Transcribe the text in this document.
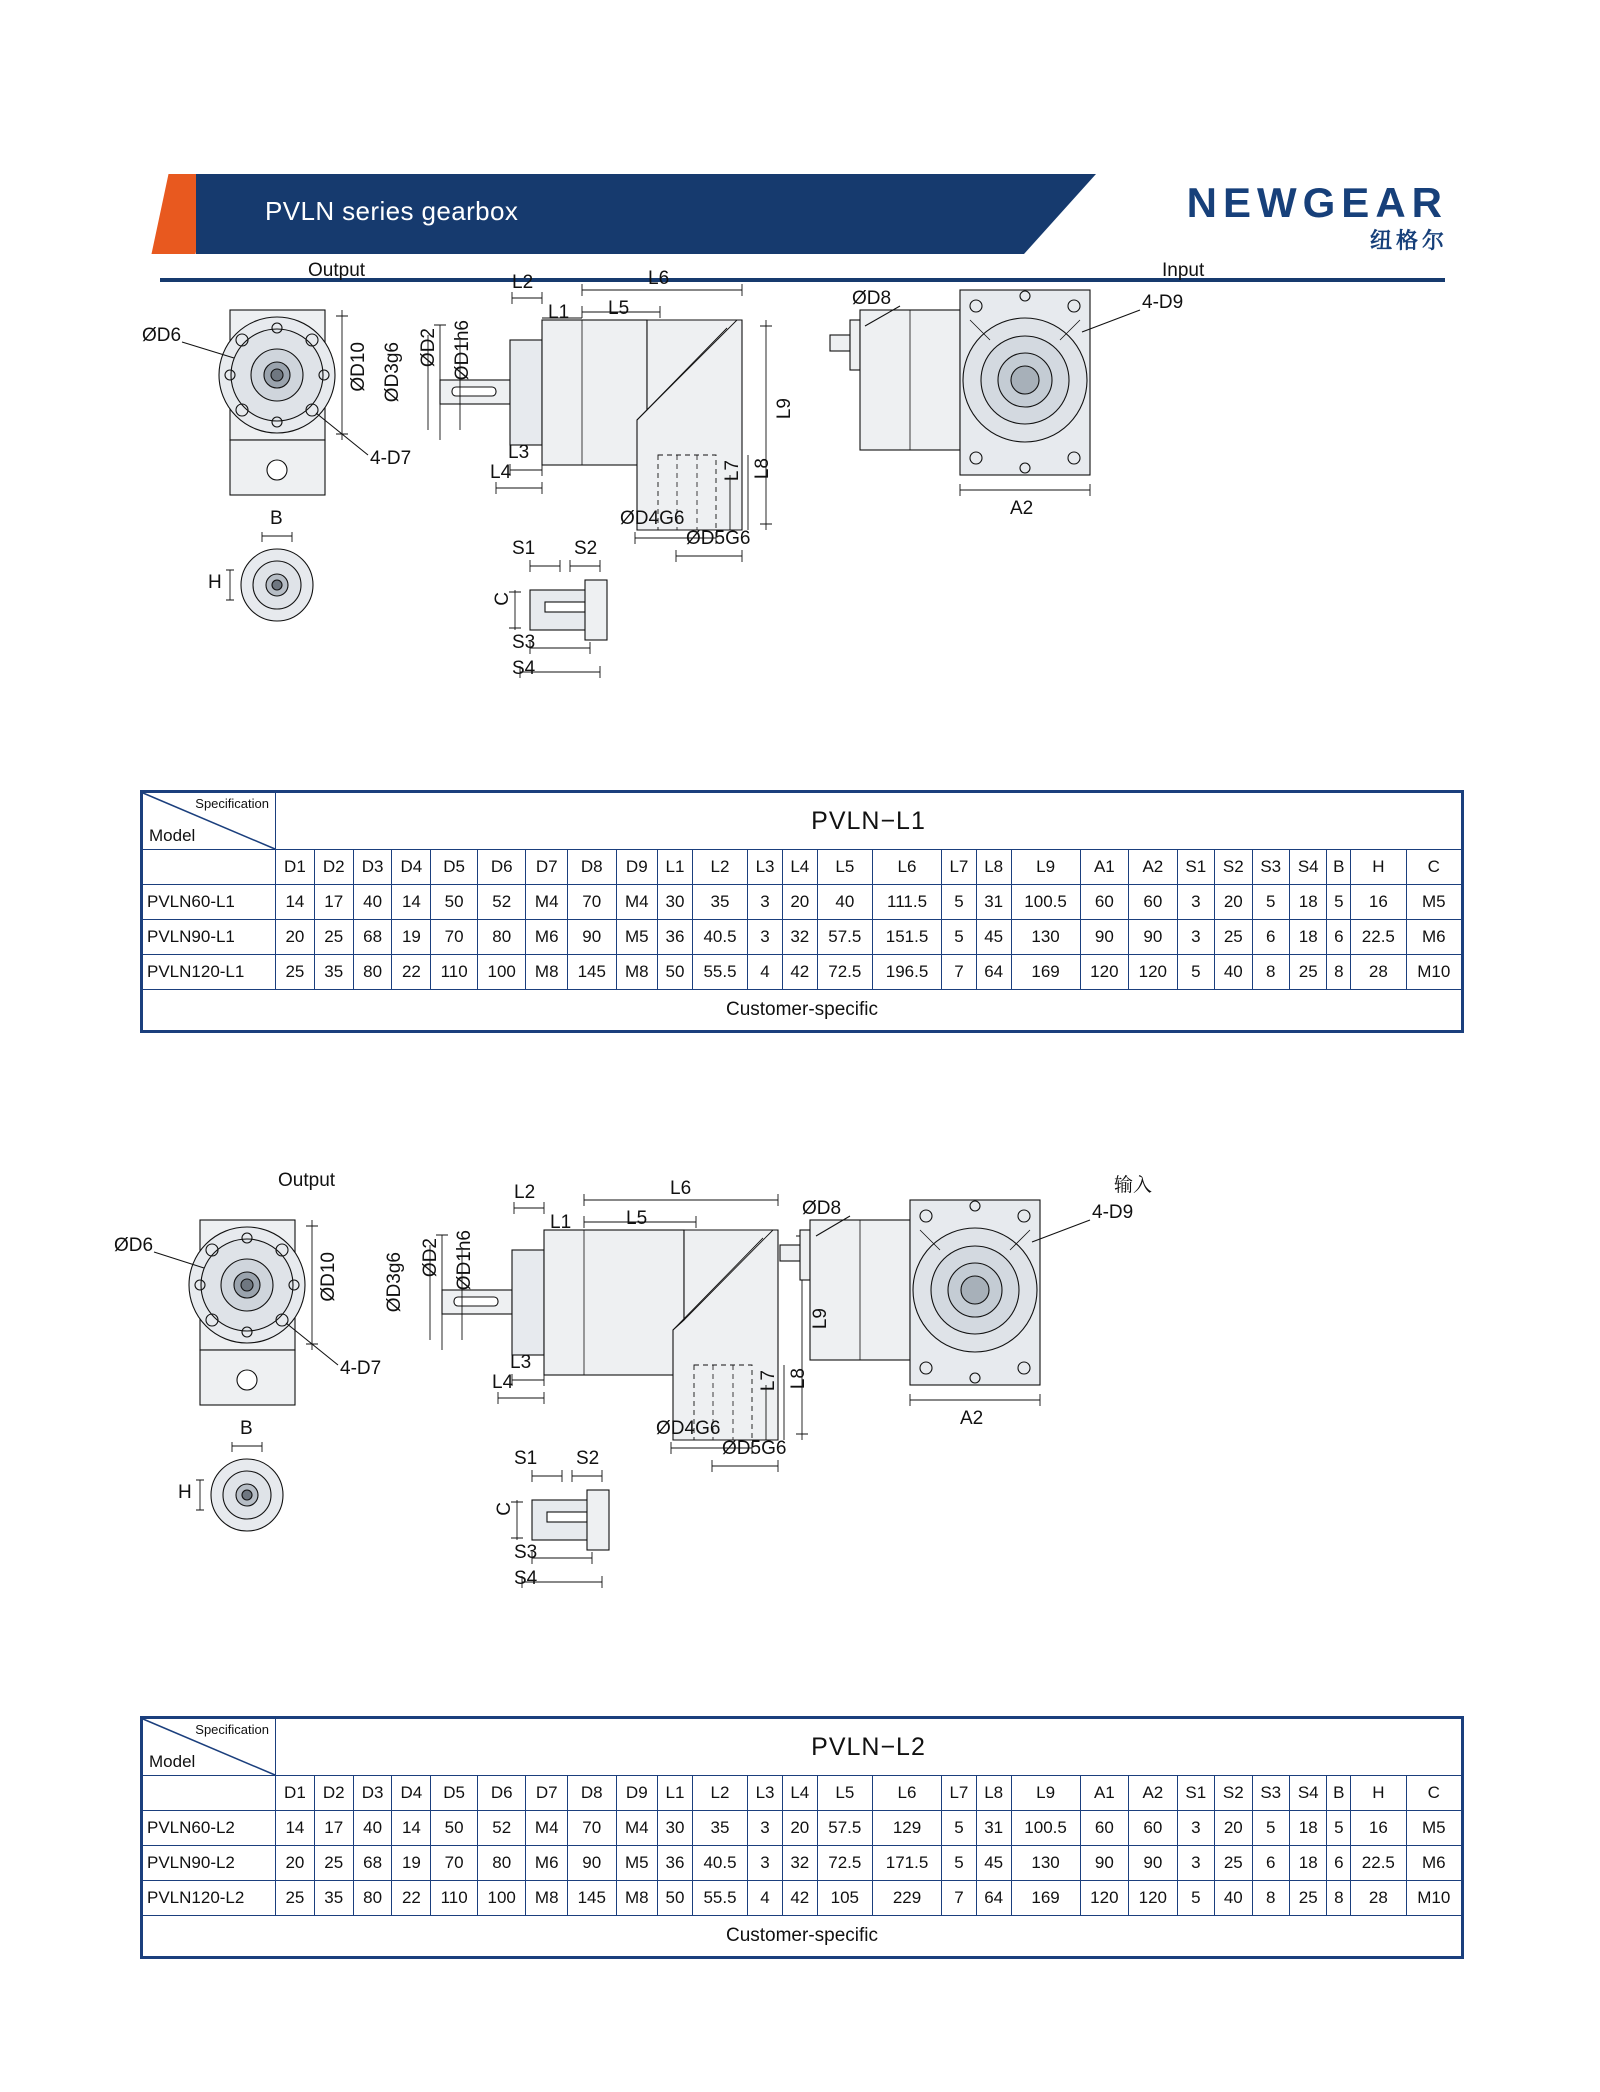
PVLN series gearbox	NEWGEAR
纽格尔
Output
ØD6
ØD10
4-D7
B
H
L2
L1 L5
L6
ØD2 ØD1h6
ØD3g6
L3
L4
ØD4G6
ØD5G6
L7 L8
L9
S1 S2
S3
S4
C
Input
ØD8	4-D9
A2
Specification
Model	PVLN−L1																										
	D1	D2	D3	D4	D5	D6	D7	D8	D9	L1	L2	L3	L4	L5	L6	L7	L8	L9	A1	A2	S1	S2	S3	S4	B	H	C
PVLN60-L1	14	17	40	14	50	52	M4	70	M4	30	35	3	20	40	111.5	5	31	100.5	60	60	3	20	5	18	5	16	M5
PVLN90-L1	20	25	68	19	70	80	M6	90	M5	36	40.5	3	32	57.5	151.5	5	45	130	90	90	3	25	6	18	6	22.5	M6
PVLN120-L1	25	35	80	22	110	100	M8	145	M8	50	55.5	4	42	72.5	196.5	7	64	169	120	120	5	40	8	25	8	28	M10
Customer-specific																											
Output
ØD6
ØD10
4-D7
B
H
L2
L1	L5
L6
ØD2 ØD1h6
ØD3g6
L3
L4
ØD4G6
ØD5G6
L7 L8
L9
S1 S2
S3
S4
C
输入
ØD8	4-D9
A2
Specification
Model	PVLN−L2																										
	D1	D2	D3	D4	D5	D6	D7	D8	D9	L1	L2	L3	L4	L5	L6	L7	L8	L9	A1	A2	S1	S2	S3	S4	B	H	C
PVLN60-L2	14	17	40	14	50	52	M4	70	M4	30	35	3	20	57.5	129	5	31	100.5	60	60	3	20	5	18	5	16	M5
PVLN90-L2	20	25	68	19	70	80	M6	90	M5	36	40.5	3	32	72.5	171.5	5	45	130	90	90	3	25	6	18	6	22.5	M6
PVLN120-L2	25	35	80	22	110	100	M8	145	M8	50	55.5	4	42	105	229	7	64	169	120	120	5	40	8	25	8	28	M10
Customer-specific																											
